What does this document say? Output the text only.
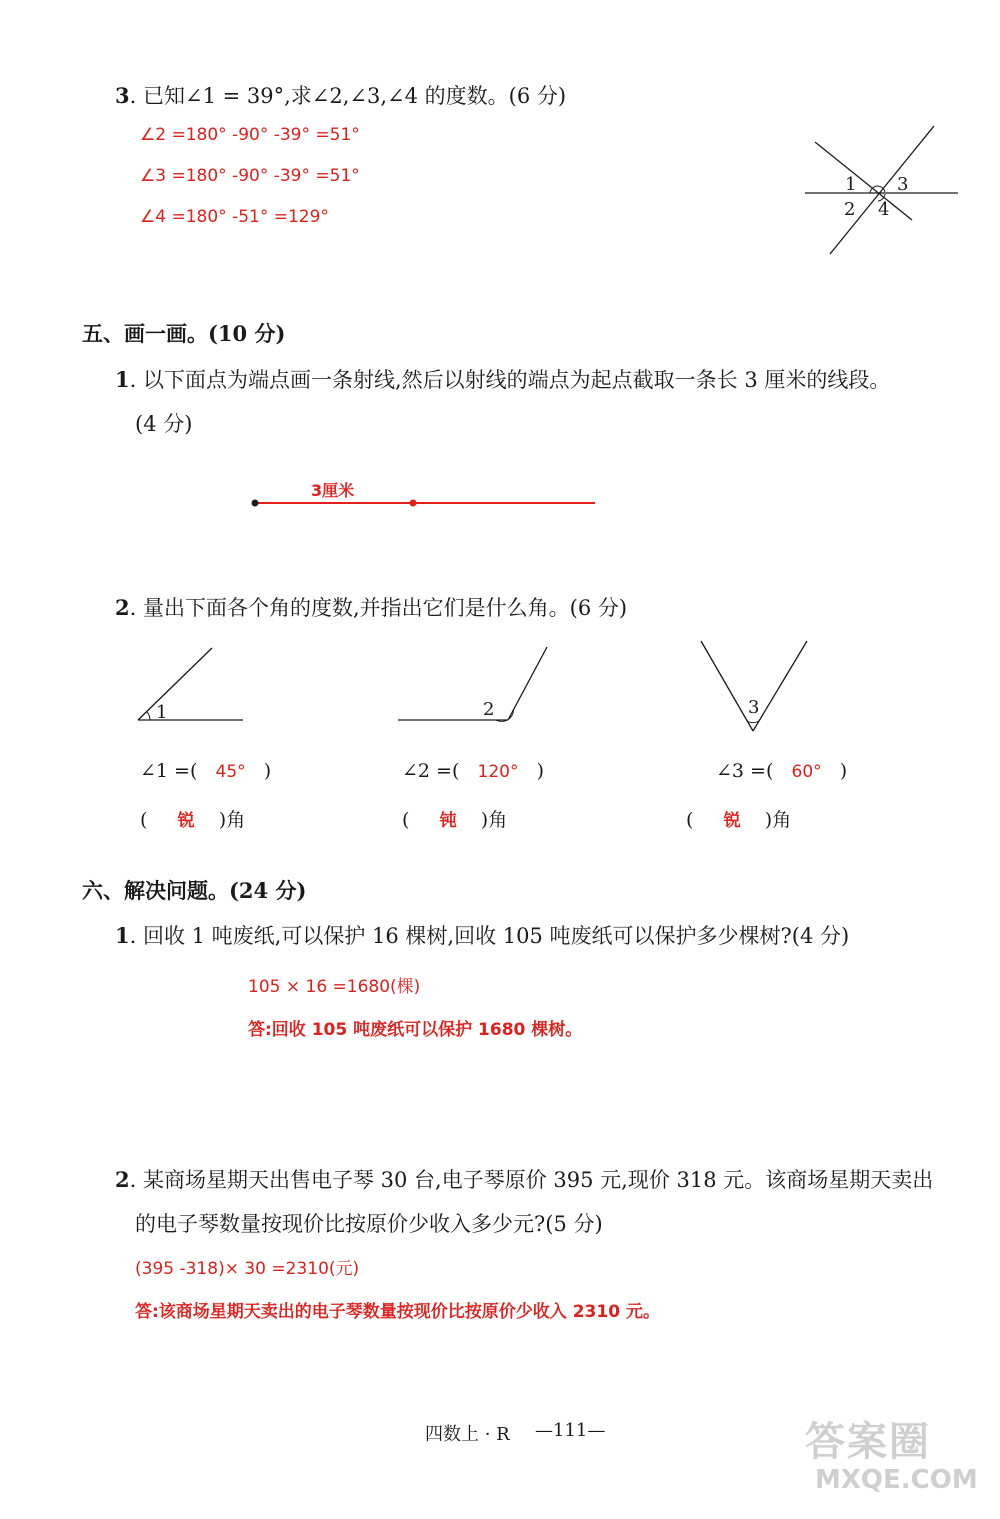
3. 已知∠1 = 39°,求∠2,∠3,∠4 的度数。(6 分)
∠2 =180° -90° -39° =51°
∠3 =180° -90° -39° =51°
∠4 =180° -51° =129°
1 3
2 4
五、画一画。(10 分)
1. 以下面点为端点画一条射线,然后以射线的端点为起点截取一条长 3 厘米的线段。
(4 分)
3厘米
2. 量出下面各个角的度数,并指出它们是什么角。(6 分)
1	2	3
∠1 =( 45° )	∠2 =( 120° )	∠3 =( 60° )
( 锐 )角	( 钝 )角	( 锐 )角
六、解决问题。(24 分)
1. 回收 1 吨废纸,可以保护 16 棵树,回收 105 吨废纸可以保护多少棵树?(4 分)
105 × 16 =1680(棵)
答:回收 105 吨废纸可以保护 1680 棵树。
2. 某商场星期天出售电子琴 30 台,电子琴原价 395 元,现价 318 元。该商场星期天卖出
的电子琴数量按现价比按原价少收入多少元?(5 分)
(395 -318)× 30 =2310(元)
答:该商场星期天卖出的电子琴数量按现价比按原价少收入 2310 元。
四数上 · R —111—	答案圈
MXQE.COM
